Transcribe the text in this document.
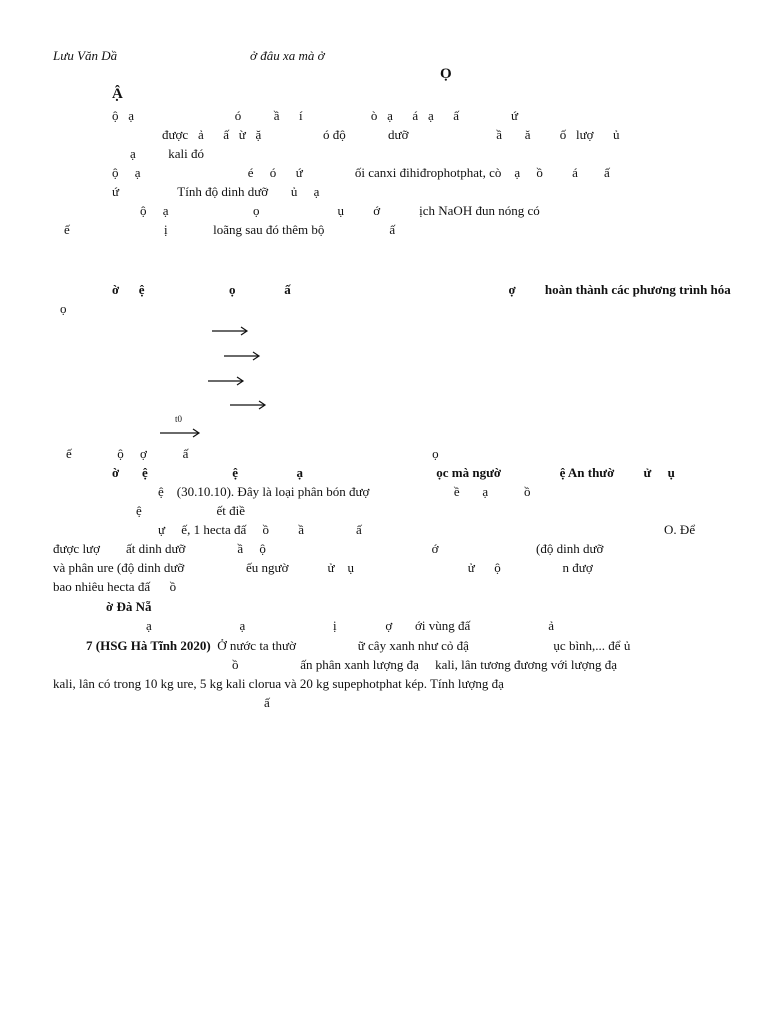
Lưu Văn Dầ	ở đâu xa mà ở
Ọ
Ậ
ộ   ạ                               ó          ầ      í                     ò   ạ      á   ạ      ấ                ứ
được   ả      ấ   ừ   ặ                   ó độ             dưỡ                           ầ       ă         ố   lượ      ủ
ạ          kali đó
ộ     ạ                                 é     ó      ứ                ối canxi đihiđrophotphat, cò    ạ     ồ         á        ấ
ứ                  Tính độ dinh dưỡ       ủ     ạ
ộ     ạ                          ọ                        ụ         ớ            ịch NaOH đun nóng có
ế                             ị              loãng sau đó thêm bộ                    ấ
ờ      ệ                          ọ               ấ                                                                   ợ         hoàn thành các phương trình hóa
ọ
t0
ế              ộ     ợ           ấ                                                                           ọ
ờ       ệ                          ệ                  ạ                                         ọc mà ngườ                  ệ An thườ         ử     ụ
ệ    (30.10.10). Đây là loại phân bón đượ                          ề       ạ           ồ
ệ                       ết điề
ự     ế, 1 hecta đấ     ồ         ầ                ấ                                                                                             O. Để
được lượ        ất dinh dưỡ                ầ     ộ                                                   ớ                              (độ dinh dưỡ
và phân ure (độ dinh dưỡ                   ếu ngườ            ử    ụ                                   ử      ộ                   n đượ
bao nhiêu hecta đấ      ồ
ờ Đà Nẵ
ạ                           ạ                           ị               ợ       ới vùng đấ                        ả
7 (HSG Hà Tĩnh 2020) Ở nước ta thườ                   ữ cây xanh như cỏ đậ                          ục bình,... để ủ
ồ                   ấn phân xanh lượng đạ     kali, lân tương đương với lượng đạ
kali, lân có trong 10 kg ure, 5 kg kali clorua và 20 kg supephotphat kép. Tính lượng đạ
ấ
